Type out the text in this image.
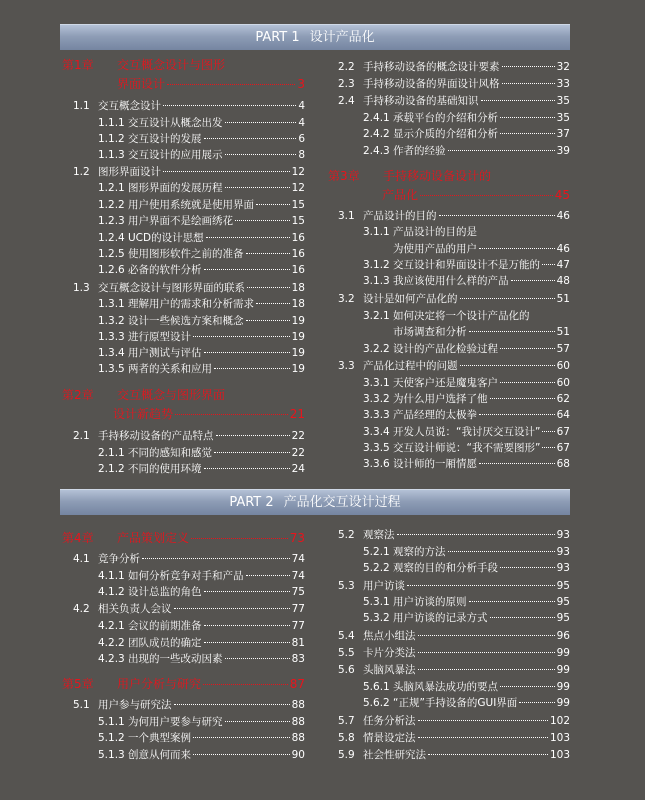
PART 1 设计产品化
第1章	交互概念设计与图形
界面设计	3
1.1 交互概念设计	4
1.1.1 交互设计从概念出发	4
1.1.2 交互设计的发展	6
1.1.3 交互设计的应用展示	8
1.2 图形界面设计	12
1.2.1 图形界面的发展历程	12
1.2.2 用户使用系统就是使用界面	15
1.2.3 用户界面不是绘画绣花	15
1.2.4 UCD的设计思想	16
1.2.5 使用图形软件之前的准备	16
1.2.6 必备的软件分析	16
1.3 交互概念设计与图形界面的联系	18
1.3.1 理解用户的需求和分析需求	18
1.3.2 设计一些候选方案和概念	19
1.3.3 进行原型设计	19
1.3.4 用户测试与评估	19
1.3.5 两者的关系和应用	19
第2章	交互概念与图形界面
设计新趋势	21
2.1 手持移动设备的产品特点	22
2.1.1 不同的感知和感觉	22
2.1.2 不同的使用环境	24
2.2 手持移动设备的概念设计要素	32
2.3 手持移动设备的界面设计风格	33
2.4 手持移动设备的基础知识	35
2.4.1 承载平台的介绍和分析	35
2.4.2 显示介质的介绍和分析	37
2.4.3 作者的经验	39
第3章	手持移动设备设计的
产品化	45
3.1 产品设计的目的	46
3.1.1 产品设计的目的是
为使用产品的用户	46
3.1.2 交互设计和界面设计不是万能的 47
3.1.3 我应该使用什么样的产品	48
3.2 设计是如何产品化的	51
3.2.1 如何决定将一个设计产品化的
市场调查和分析	51
3.2.2 设计的产品化检验过程	57
3.3 产品化过程中的问题	60
3.3.1 天使客户还是魔鬼客户	60
3.3.2 为什么用户选择了他	62
3.3.3 产品经理的太极拳	64
3.3.4 开发人员说：“我讨厌交互设计” 67
3.3.5 交互设计师说：“我不需要图形” 67
3.3.6 设计师的一厢情愿	68
PART 2 产品化交互设计过程
第4章	产品策划定义	73
4.1 竞争分析	74
4.1.1 如何分析竞争对手和产品	74
4.1.2 设计总监的角色	75
4.2 相关负责人会议	77
4.2.1 会议的前期准备	77
4.2.2 团队成员的确定	81
4.2.3 出现的一些改动因素	83
第5章	用户分析与研究	87
5.1 用户参与研究法	88
5.1.1 为何用户要参与研究	88
5.1.2 一个典型案例	88
5.1.3 创意从何而来	90
5.2 观察法	93
5.2.1 观察的方法	93
5.2.2 观察的目的和分析手段	93
5.3 用户访谈	95
5.3.1 用户访谈的原则	95
5.3.2 用户访谈的记录方式	95
5.4 焦点小组法	96
5.5 卡片分类法	99
5.6 头脑风暴法	99
5.6.1 头脑风暴法成功的要点	99
5.6.2 “正规”手持设备的GUI界面	99
5.7 任务分析法	102
5.8 情景设定法	103
5.9 社会性研究法	103
